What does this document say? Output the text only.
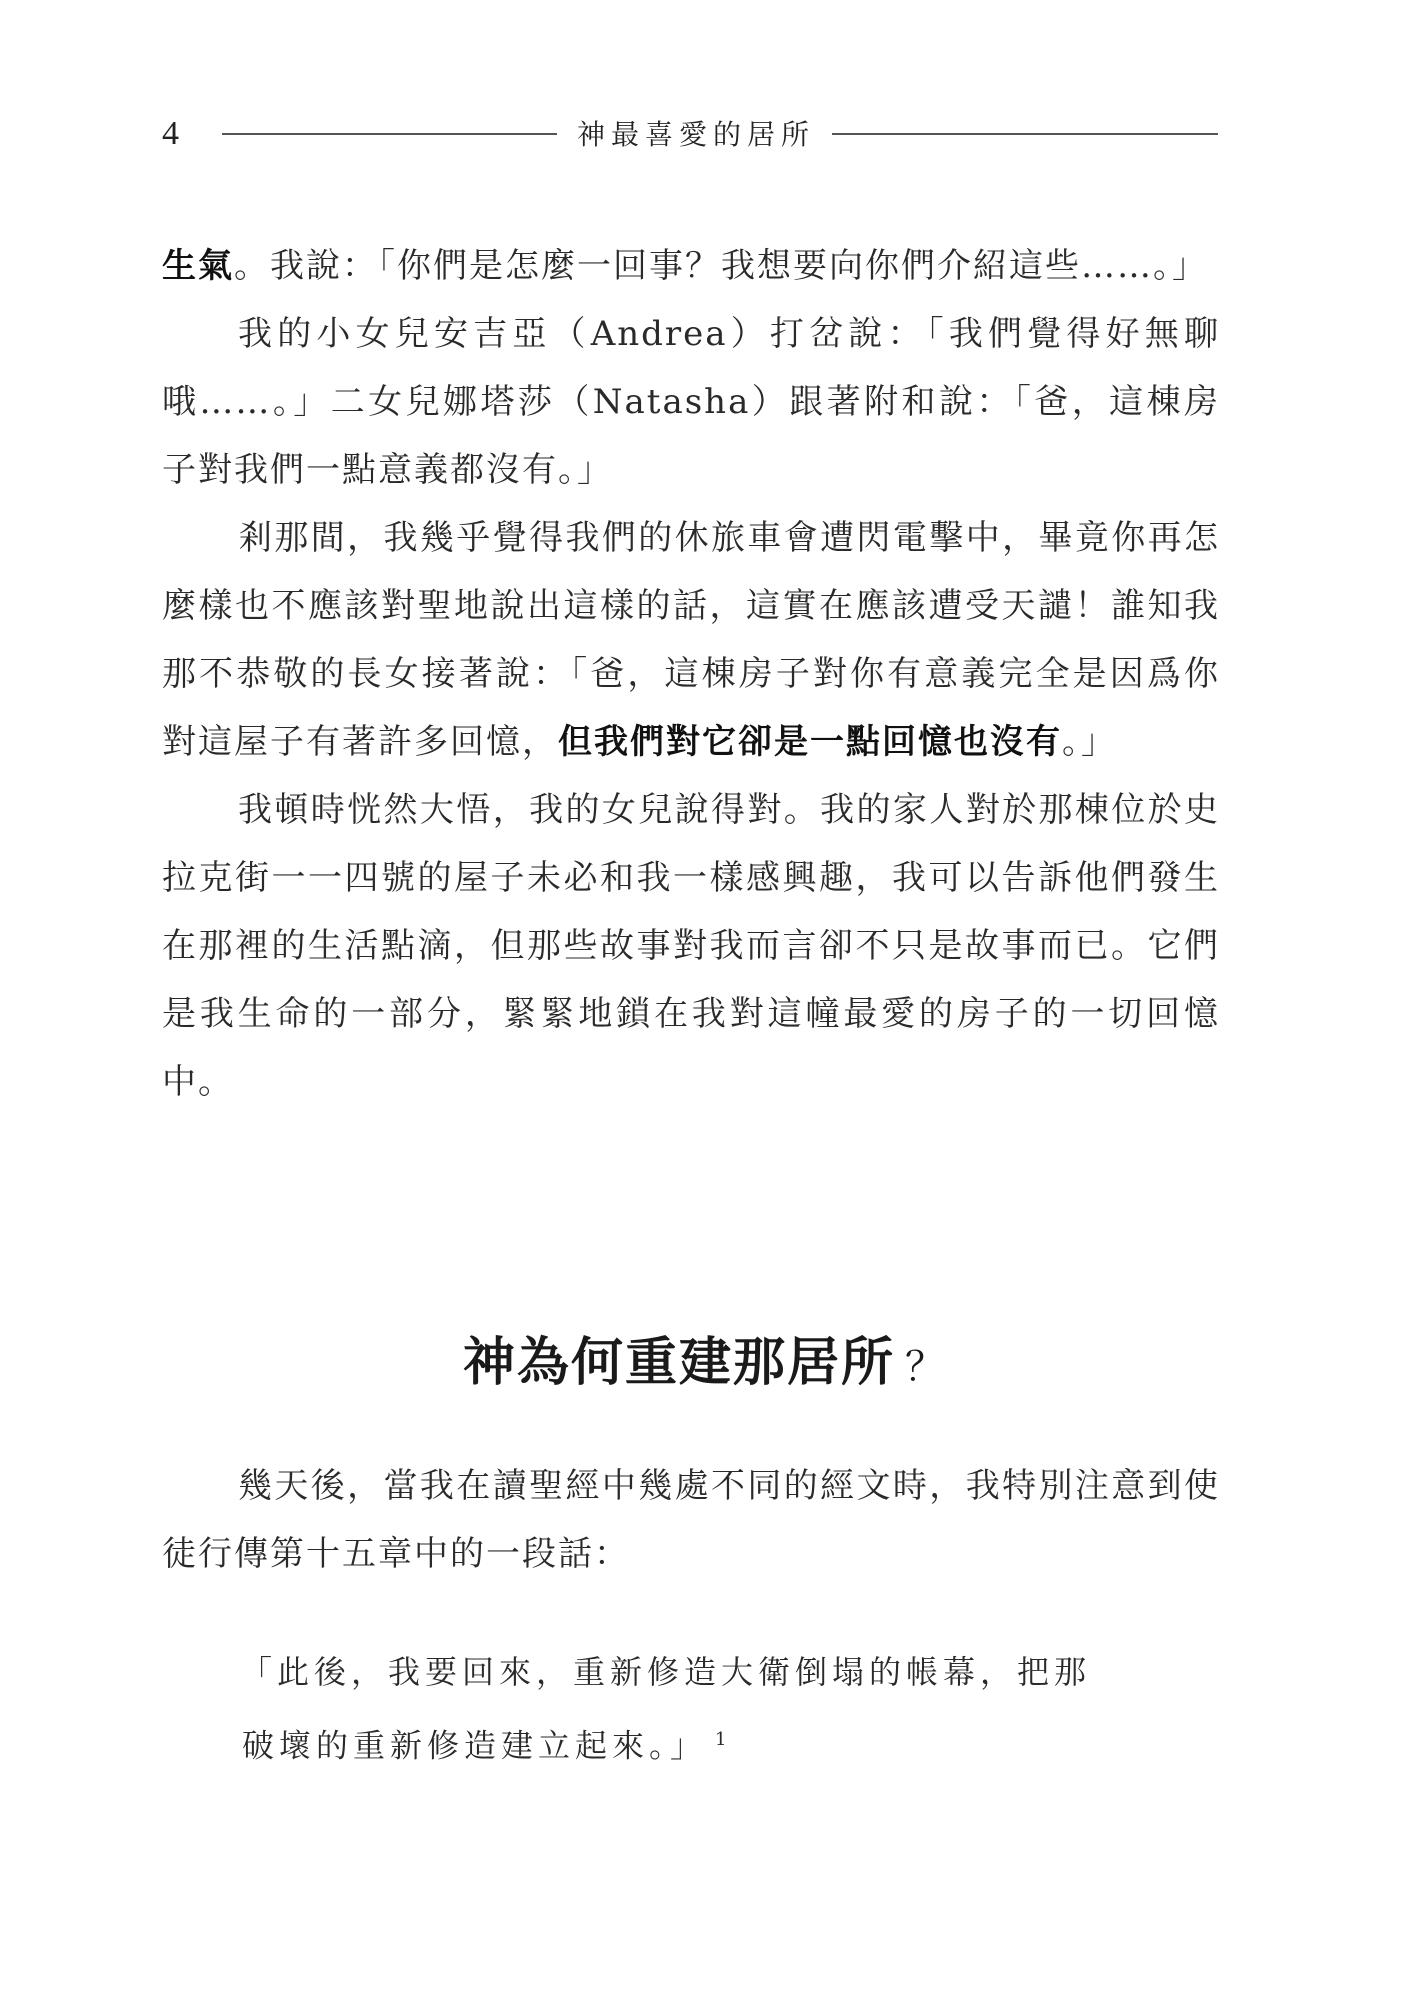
4	神最喜愛的居所

生氣。我說：「你們是怎麼一回事？我想要向你們介紹這些……。」

我的小女兒安吉亞（Andrea）打岔說：「我們覺得好無聊哦……。」二女兒娜塔莎（Natasha）跟著附和說：「爸，這棟房子對我們一點意義都沒有。」

剎那間，我幾乎覺得我們的休旅車會遭閃電擊中，畢竟你再怎麼樣也不應該對聖地說出這樣的話，這實在應該遭受天譴！誰知我那不恭敬的長女接著說：「爸，這棟房子對你有意義完全是因爲你對這屋子有著許多回憶，但我們對它卻是一點回憶也沒有。」

我頓時恍然大悟，我的女兒說得對。我的家人對於那棟位於史拉克街一一四號的屋子未必和我一樣感興趣，我可以告訴他們發生在那裡的生活點滴，但那些故事對我而言卻不只是故事而已。它們是我生命的一部分，緊緊地鎖在我對這幢最愛的房子的一切回憶中。

神為何重建那居所 ？

幾天後，當我在讀聖經中幾處不同的經文時，我特別注意到使徒行傳第十五章中的一段話：

「此後，我要回來，重新修造大衛倒塌的帳幕，把那

破壞的重新修造建立起來。」 $^1$
